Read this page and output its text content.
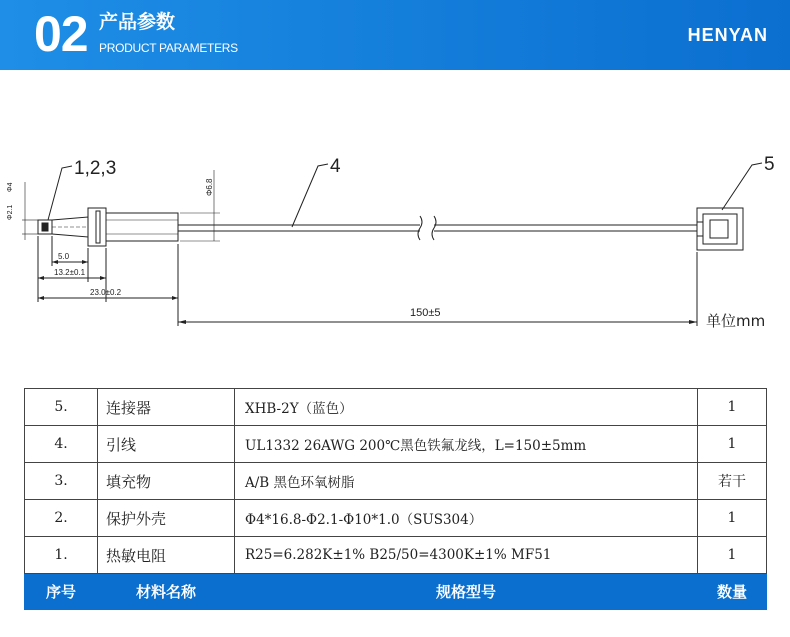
02 产品参数
PRODUCT PARAMETERS
HENYAN
1,2,3	4	5
5.0
13.2±0.1
23.0±0.2
150±5
Φ2.1
Φ4	Φ6.8
单位mm
5.	连接器	XHB-2Y（蓝色）	1
4.	引线	UL1332 26AWG 200℃黑色铁氟龙线，L=150±5mm	1
3.	填充物	A/B 黑色环氧树脂	若干
2.	保护外壳	Φ4*16.8-Φ2.1-Φ10*1.0（SUS304）	1
1.	热敏电阻	R25=6.282K±1% B25/50=4300K±1% MF51	1
序号	材料名称	规格型号	数量
